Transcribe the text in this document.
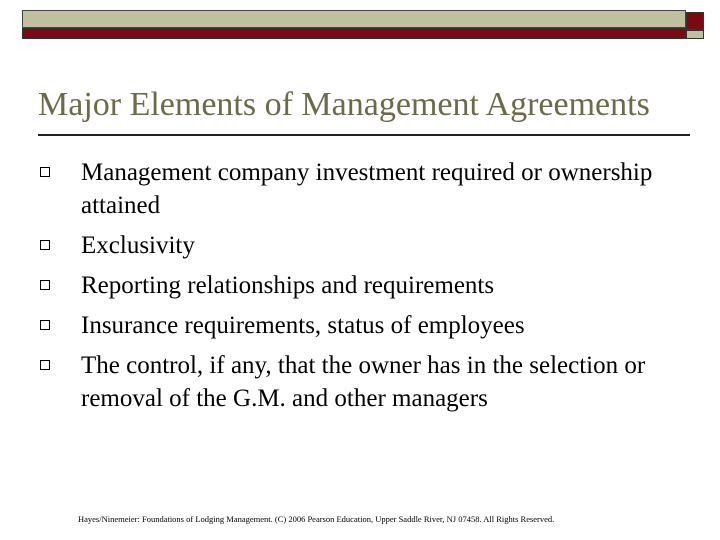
Major Elements of Management Agreements
Management company investment required or ownership attained
Exclusivity
Reporting relationships and requirements
Insurance requirements, status of employees
The control, if any, that the owner has in the selection or removal of the G.M. and other managers
Hayes/Ninemeier: Foundations of Lodging Management. (C) 2006 Pearson Education, Upper Saddle River, NJ 07458. All Rights Reserved.
